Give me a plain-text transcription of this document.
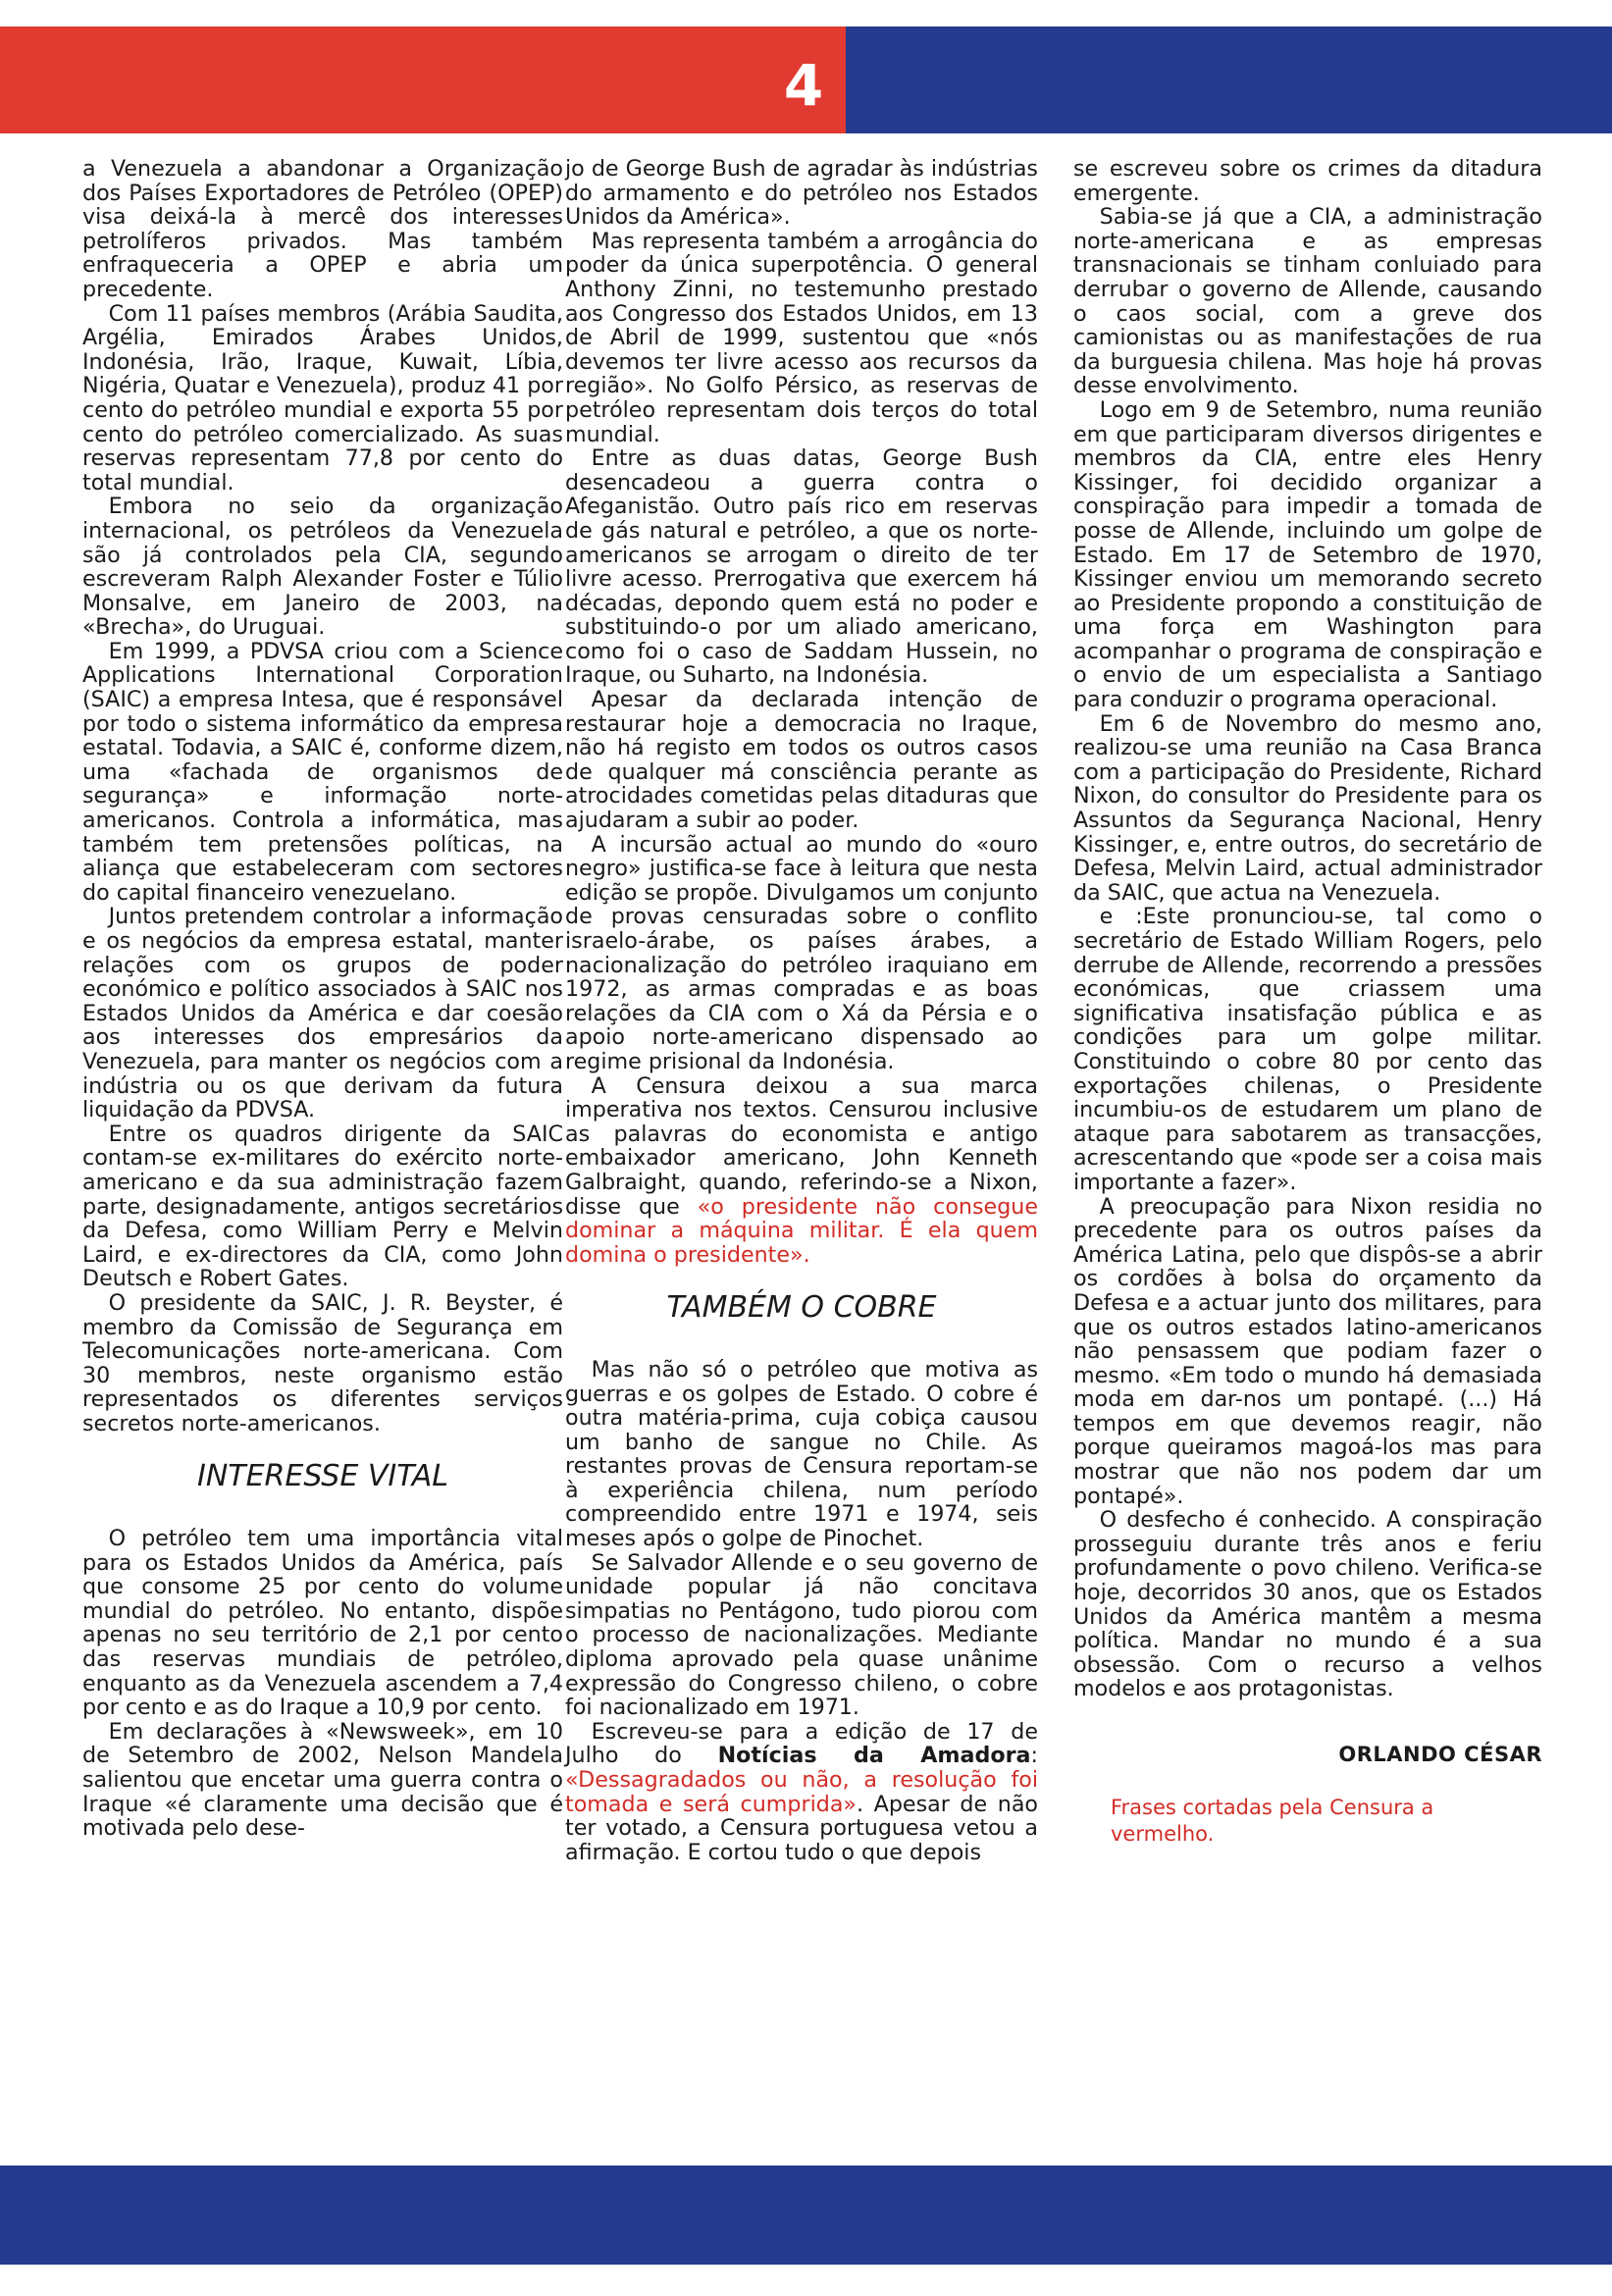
4

a Venezuela a abandonar a Organização dos Países Exportadores de Petróleo (OPEP) visa deixá-la à mercê dos interesses petrolíferos privados. Mas também enfraqueceria a OPEP e abria um precedente.

Com 11 países membros (Arábia Saudita, Argélia, Emirados Árabes Unidos, Indonésia, Irão, Iraque, Kuwait, Líbia, Nigéria, Quatar e Venezuela), produz 41 por cento do petróleo mundial e exporta 55 por cento do petróleo comercializado. As suas reservas representam 77,8 por cento do total mundial.

Embora no seio da organização internacional, os petróleos da Venezuela são já controlados pela CIA, segundo escreveram Ralph Alexander Foster e Túlio Monsalve, em Janeiro de 2003, na «Brecha», do Uruguai.

Em 1999, a PDVSA criou com a Science Applications International Corporation (SAIC) a empresa Intesa, que é responsável por todo o sistema informático da empresa estatal. Todavia, a SAIC é, conforme dizem, uma «fachada de organismos de segurança» e informação norte-americanos. Controla a informática, mas também tem pretensões políticas, na aliança que estabeleceram com sectores do capital financeiro venezuelano.

Juntos pretendem controlar a informação e os negócios da empresa estatal, manter relações com os grupos de poder económico e político associados à SAIC nos Estados Unidos da América e dar coesão aos interesses dos empresários da Venezuela, para manter os negócios com a indústria ou os que derivam da futura liquidação da PDVSA.

Entre os quadros dirigente da SAIC contam-se ex-militares do exército norte-americano e da sua administração fazem parte, designadamente, antigos secretários da Defesa, como William Perry e Melvin Laird, e ex-directores da CIA, como John Deutsch e Robert Gates.

O presidente da SAIC, J. R. Beyster, é membro da Comissão de Segurança em Telecomunicações norte-americana. Com 30 membros, neste organismo estão representados os diferentes serviços secretos norte-americanos.

INTERESSE VITAL

O petróleo tem uma importância vital para os Estados Unidos da América, país que consome 25 por cento do volume mundial do petróleo. No entanto, dispõe apenas no seu território de 2,1 por cento das reservas mundiais de petróleo, enquanto as da Venezuela ascendem a 7,4 por cento e as do Iraque a 10,9 por cento.

Em declarações à «Newsweek», em 10 de Setembro de 2002, Nelson Mandela salientou que encetar uma guerra contra o Iraque «é claramente uma decisão que é motivada pelo dese-

jo de George Bush de agradar às indústrias do armamento e do petróleo nos Estados Unidos da América».

Mas representa também a arrogância do poder da única superpotência. O general Anthony Zinni, no testemunho prestado aos Congresso dos Estados Unidos, em 13 de Abril de 1999, sustentou que «nós devemos ter livre acesso aos recursos da região». No Golfo Pérsico, as reservas de petróleo representam dois terços do total mundial.

Entre as duas datas, George Bush desencadeou a guerra contra o Afeganistão. Outro país rico em reservas de gás natural e petróleo, a que os norte-americanos se arrogam o direito de ter livre acesso. Prerrogativa que exercem há décadas, depondo quem está no poder e substituindo-o por um aliado americano, como foi o caso de Saddam Hussein, no Iraque, ou Suharto, na Indonésia.

Apesar da declarada intenção de restaurar hoje a democracia no Iraque, não há registo em todos os outros casos de qualquer má consciência perante as atrocidades cometidas pelas ditaduras que ajudaram a subir ao poder.

A incursão actual ao mundo do «ouro negro» justifica-se face à leitura que nesta edição se propõe. Divulgamos um conjunto de provas censuradas sobre o conflito israelo-árabe, os países árabes, a nacionalização do petróleo iraquiano em 1972, as armas compradas e as boas relações da CIA com o Xá da Pérsia e o apoio norte-americano dispensado ao regime prisional da Indonésia.

A Censura deixou a sua marca imperativa nos textos. Censurou inclusive as palavras do economista e antigo embaixador americano, John Kenneth Galbraight, quando, referindo-se a Nixon, disse que «o presidente não consegue dominar a máquina militar. É ela quem domina o presidente».

TAMBÉM O COBRE

Mas não só o petróleo que motiva as guerras e os golpes de Estado. O cobre é outra matéria-prima, cuja cobiça causou um banho de sangue no Chile. As restantes provas de Censura reportam-se à experiência chilena, num período compreendido entre 1971 e 1974, seis meses após o golpe de Pinochet.

Se Salvador Allende e o seu governo de unidade popular já não concitava simpatias no Pentágono, tudo piorou com o processo de nacionalizações. Mediante diploma aprovado pela quase unânime expressão do Congresso chileno, o cobre foi nacionalizado em 1971.

Escreveu-se para a edição de 17 de Julho do Notícias da Amadora: «Dessagradados ou não, a resolução foi tomada e será cumprida». Apesar de não ter votado, a Censura portuguesa vetou a afirmação. E cortou tudo o que depois

se escreveu sobre os crimes da ditadura emergente.

Sabia-se já que a CIA, a administração norte-americana e as empresas transnacionais se tinham conluiado para derrubar o governo de Allende, causando o caos social, com a greve dos camionistas ou as manifestações de rua da burguesia chilena. Mas hoje há provas desse envolvimento.

Logo em 9 de Setembro, numa reunião em que participaram diversos dirigentes e membros da CIA, entre eles Henry Kissinger, foi decidido organizar a conspiração para impedir a tomada de posse de Allende, incluindo um golpe de Estado. Em 17 de Setembro de 1970, Kissinger enviou um memorando secreto ao Presidente propondo a constituição de uma força em Washington para acompanhar o programa de conspiração e o envio de um especialista a Santiago para conduzir o programa operacional.

Em 6 de Novembro do mesmo ano, realizou-se uma reunião na Casa Branca com a participação do Presidente, Richard Nixon, do consultor do Presidente para os Assuntos da Segurança Nacional, Henry Kissinger, e, entre outros, do secretário de Defesa, Melvin Laird, actual administrador da SAIC, que actua na Venezuela.

e :Este pronunciou-se, tal como o secretário de Estado William Rogers, pelo derrube de Allende, recorrendo a pressões económicas, que criassem uma significativa insatisfação pública e as condições para um golpe militar. Constituindo o cobre 80 por cento das exportações chilenas, o Presidente incumbiu-os de estudarem um plano de ataque para sabotarem as transacções, acrescentando que «pode ser a coisa mais importante a fazer».

A preocupação para Nixon residia no precedente para os outros países da América Latina, pelo que dispôs-se a abrir os cordões à bolsa do orçamento da Defesa e a actuar junto dos militares, para que os outros estados latino-americanos não pensassem que podiam fazer o mesmo. «Em todo o mundo há demasiada moda em dar-nos um pontapé. (...) Há tempos em que devemos reagir, não porque queiramos magoá-los mas para mostrar que não nos podem dar um pontapé».

O desfecho é conhecido. A conspiração prosseguiu durante três anos e feriu profundamente o povo chileno. Verifica-se hoje, decorridos 30 anos, que os Estados Unidos da América mantêm a mesma política. Mandar no mundo é a sua obsessão. Com o recurso a velhos modelos e aos protagonistas.

ORLANDO CÉSAR
Frases cortadas pela Censura a vermelho.
